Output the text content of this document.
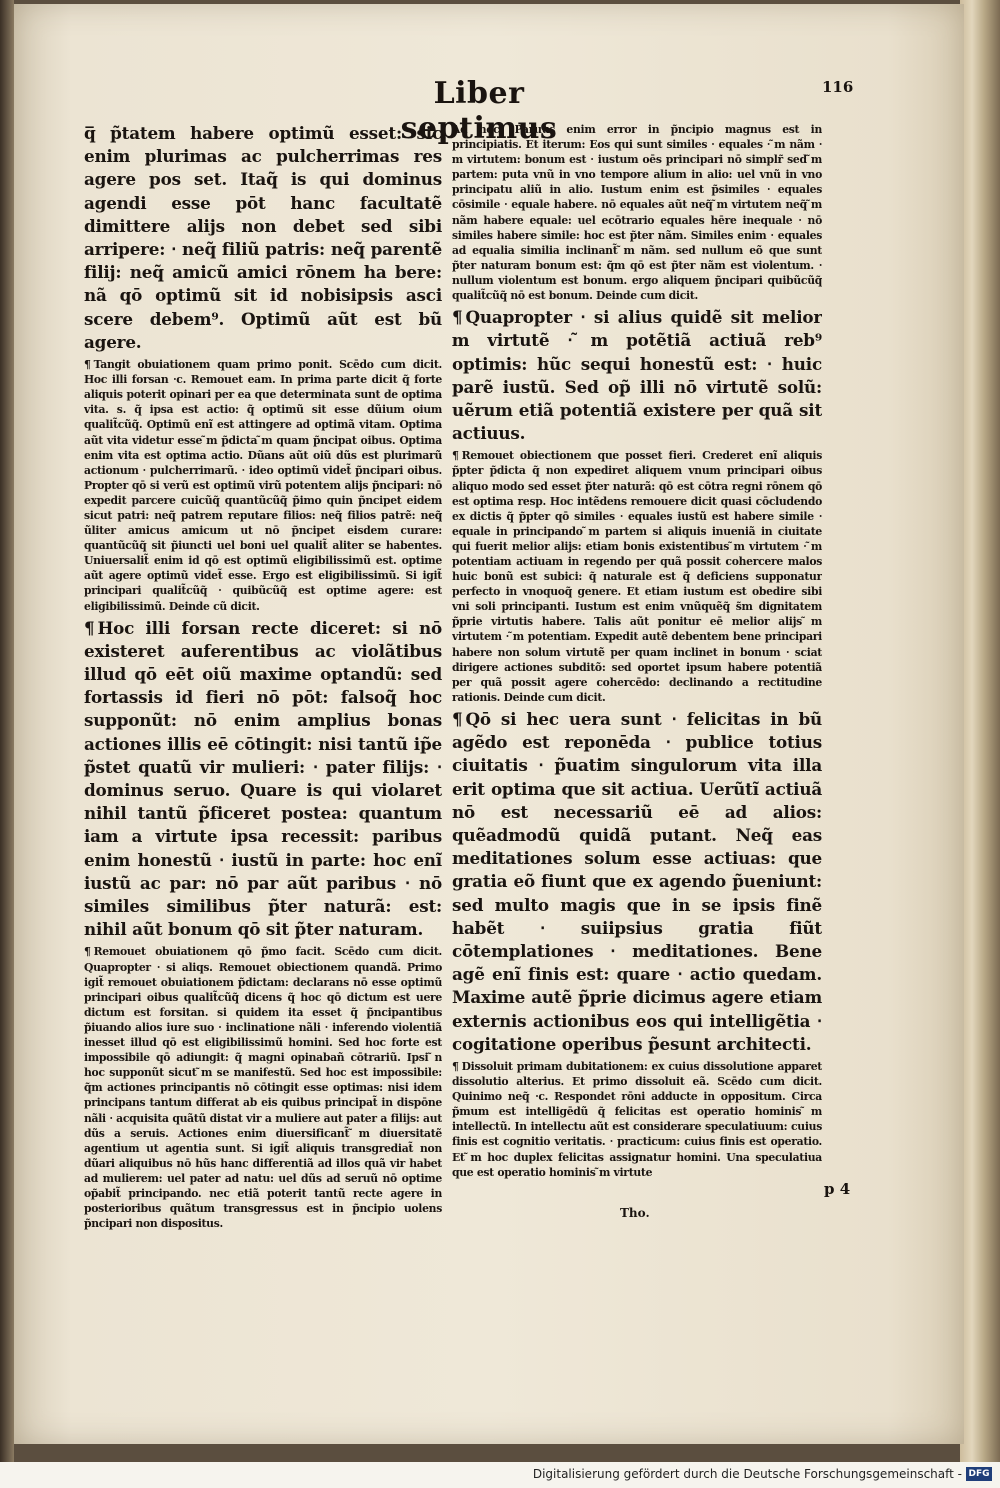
Liber septimus
116

q̅ p̃tatem habere optimũ esset: sic enim plurimas ac pulcherrimas res agere pos set. Itaq̃ is qui dominus agendi esse pōt hanc facultatẽ dimittere alijs non debet sed sibi arripere: ‧ neq̃ filiũ patris: neq̃ parentẽ filij: neq̃ amicũ amici rōnem ha bere: nã qō optimũ sit id nobisipsis asci scere debem⁹. Optimũ aũt est bũ agere.

¶ Tangit obuiationem quam primo ponit. Scēdo cum dicit. Hoc illi forsan ‧c. Remouet eam. In prima parte dicit q̃ forte aliquis poterit opinari per ea que determinata sunt de optima vita. s. q̃ ipsa est actio: q̃ optimũ sit esse dũium oium qualit̃cũq̃. Optimũ enĩ est attingere ad optimã vitam. Optima aũt vita videtur esse ̃m p̃dicta ̃m quam p̃ncipat oibus. Optima enim vita est optima actio. Dũans aũt oiũ dũs est plurimarũ actionum ‧ pulcherrimarũ. ‧ ideo optimũ videt̃ p̃ncipari oibus. Propter qō si verũ est optimũ virũ potentem alijs p̃ncipari: nō expedit parcere cuicũq̃ quantũcũq̃ p̃imo quin p̃ncipet eidem sicut patri: neq̃ patrem reputare filios: neq̃ filios patrẽ: neq̃ ũliter amicus amicum ut nō p̃ncipet eisdem curare: quantũcũq̃ sit p̃iuncti uel boni uel qualit̃ aliter se habentes. Uniuersalit̃ enim id qō est optimũ eligibilissimũ est. optime aũt agere optimũ videt̃ esse. Ergo est eligibilissimũ. Si igit̃ principari qualit̃cũq̃ ‧ quibũcũq̃ est optime agere: est eligibilissimũ. Deinde cũ dicit.

¶ Hoc illi forsan recte diceret: si nō existeret auferentibus ac violãtibus illud qō eēt oiũ maxime optandũ: sed fortassis id fieri nō pōt: falsoq̃ hoc supponũt: nō enim amplius bonas actiones illis eē cōtingit: nisi tantũ ip̃e p̃stet quatũ vir mulieri: ‧ pater filijs: ‧ dominus seruo. Quare is qui violaret nihil tantũ p̃ficeret postea: quantum iam a virtute ipsa recessit: paribus enim honestũ ‧ iustũ in parte: hoc enĩ iustũ ac par: nō par aũt paribus ‧ nō similes similibus p̃ter naturã: est: nihil aũt bonum qō sit p̃ter naturam.

¶ Remouet obuiationem qō p̃mo facit. Scēdo cum dicit. Quapropter ‧ si aliqs. Remouet obiectionem quandã. Primo igit̃ remouet obuiationem p̃dictam: declarans nō esse optimũ principari oibus qualit̃cũq̃ dicens q̃ hoc qō dictum est uere dictum est forsitan. si quidem ita esset q̃ p̃ncipantibus p̃iuando alios iure suo ‧ inclinatione nãli ‧ inferendo violentiã inesset illud qō est eligibilissimũ homini. Sed hoc forte est impossibile qō adiungit: q̃ magni opinabañ cōtrariũ. Ipsi ̃n hoc supponũt sicut ̃m se manifestũ. Sed hoc est impossibile: q̃m actiones principantis nō cōtingit esse optimas: nisi idem principans tantum differat ab eis quibus principat̃ in dispōne nãli ‧ acquisita quãtũ distat vir a muliere aut pater a filijs: aut dũs a seruis. Actiones enim diuersificant̃ ̃m diuersitatẽ agentium ut agentia sunt. Si igit̃ aliquis transgrediat̃ non dũari aliquibus nō hũs hanc differentiã ad illos quã vir habet ad mulierem: uel pater ad natu: uel dũs ad seruũ nō optime op̃abit̃ principando. nec etiã poterit tantũ recte agere in posterioribus quãtum transgressus est in p̃ncipio uolens p̃ncipari non dispositus.

Ad hoc: Paruus enim error in p̃ncipio magnus est in principiatis. Et iterum: Eos qui sunt similes ‧ equales ‧ ̃m nãm ‧ ̃m virtutem: bonum est ‧ iustum oēs principari nō simplr̃ sed ̃m partem: puta vnũ in vno tempore alium in alio: uel vnũ in vno principatu aliũ in alio. Iustum enim est p̃similes ‧ equales cōsimile ‧ equale habere. nō equales aũt neq̃ ̃m virtutem neq̃ ̃m nãm habere equale: uel ecōtrario equales hēre inequale ‧ nō similes habere simile: hoc est p̃ter nãm. Similes enim ‧ equales ad equalia similia inclinant̃ ̃m nãm. sed nullum eõ que sunt p̃ter naturam bonum est: q̃m qō est p̃ter nãm est violentum. ‧ nullum violentum est bonum. ergo aliquem p̃ncipari quibũcũq̃ qualit̃cũq̃ nō est bonum. Deinde cum dicit.

¶ Quapropter ‧ si alius quidẽ sit melior ̃m virtutẽ ‧ ̃m potẽtiã actiuã reb⁹ optimis: hũc sequi honestũ est: ‧ huic parẽ iustũ. Sed op̃ illi nō virtutẽ solũ: uẽrum etiã potentiã existere per quã sit actiuus.

¶ Remouet obiectionem que posset fieri. Crederet enĩ aliquis p̃pter p̃dicta q̃ non expediret aliquem vnum principari oibus aliquo modo sed esset p̃ter naturã: qō est cōtra regni rōnem qō est optima resp. Hoc intẽdens remouere dicit quasi cōcludendo ex dictis q̃ p̃pter qō similes ‧ equales iustũ est habere simile ‧ equale in principando ̃m partem si aliquis inueniã in ciuitate qui fuerit melior alijs: etiam bonis existentibus ̃m virtutem ‧ ̃m potentiam actiuam in regendo per quã possit cohercere malos huic bonũ est subici: q̃ naturale est q̃ deficiens supponatur perfecto in vnoquoq̃ genere. Et etiam iustum est obedire sibi vni soli principanti. Iustum est enim vnũquẽq̃ s̃m dignitatem p̃prie virtutis habere. Talis aũt ponitur eē melior alijs ̃m virtutem ‧ ̃m potentiam. Expedit autẽ debentem bene principari habere non solum virtutẽ per quam inclinet in bonum ‧ sciat dirigere actiones subditõ: sed oportet ipsum habere potentiã per quã possit agere cohercēdo: declinando a rectitudine rationis. Deinde cum dicit.

¶ Qō si hec uera sunt ‧ felicitas in bũ agẽdo est reponēda ‧ publice totius ciuitatis ‧ p̃uatim singulorum vita illa erit optima que sit actiua. Uerũtĩ actiuã nō est necessariũ eē ad alios: quẽadmodũ quidã putant. Neq̃ eas meditationes solum esse actiuas: que gratia eõ fiunt que ex agendo p̃ueniunt: sed multo magis que in se ipsis finẽ habẽt ‧ suiipsius gratia fiũt cōtemplationes ‧ meditationes. Bene agẽ enĩ finis est: quare ‧ actio quedam. Maxime autẽ p̃prie dicimus agere etiam externis actionibus eos qui intelligẽtia ‧ cogitatione operibus p̃esunt architecti.

¶ Dissoluit primam dubitationem: ex cuius dissolutione apparet dissolutio alterius. Et primo dissoluit eã. Scēdo cum dicit. Quinimo neq̃ ‧c. Respondet rōni adducte in oppositum. Circa p̃mum est intelligēdũ q̃ felicitas est operatio hominis ̃m intellectũ. In intellectu aũt est considerare speculatiuum: cuius finis est cognitio veritatis. ‧ practicum: cuius finis est operatio. Et ̃m hoc duplex felicitas assignatur homini. Una speculatiua que est operatio hominis ̃m virtute

p 4
Tho.
Digitalisierung gefördert durch die Deutsche Forschungsgemeinschaft - DFG
